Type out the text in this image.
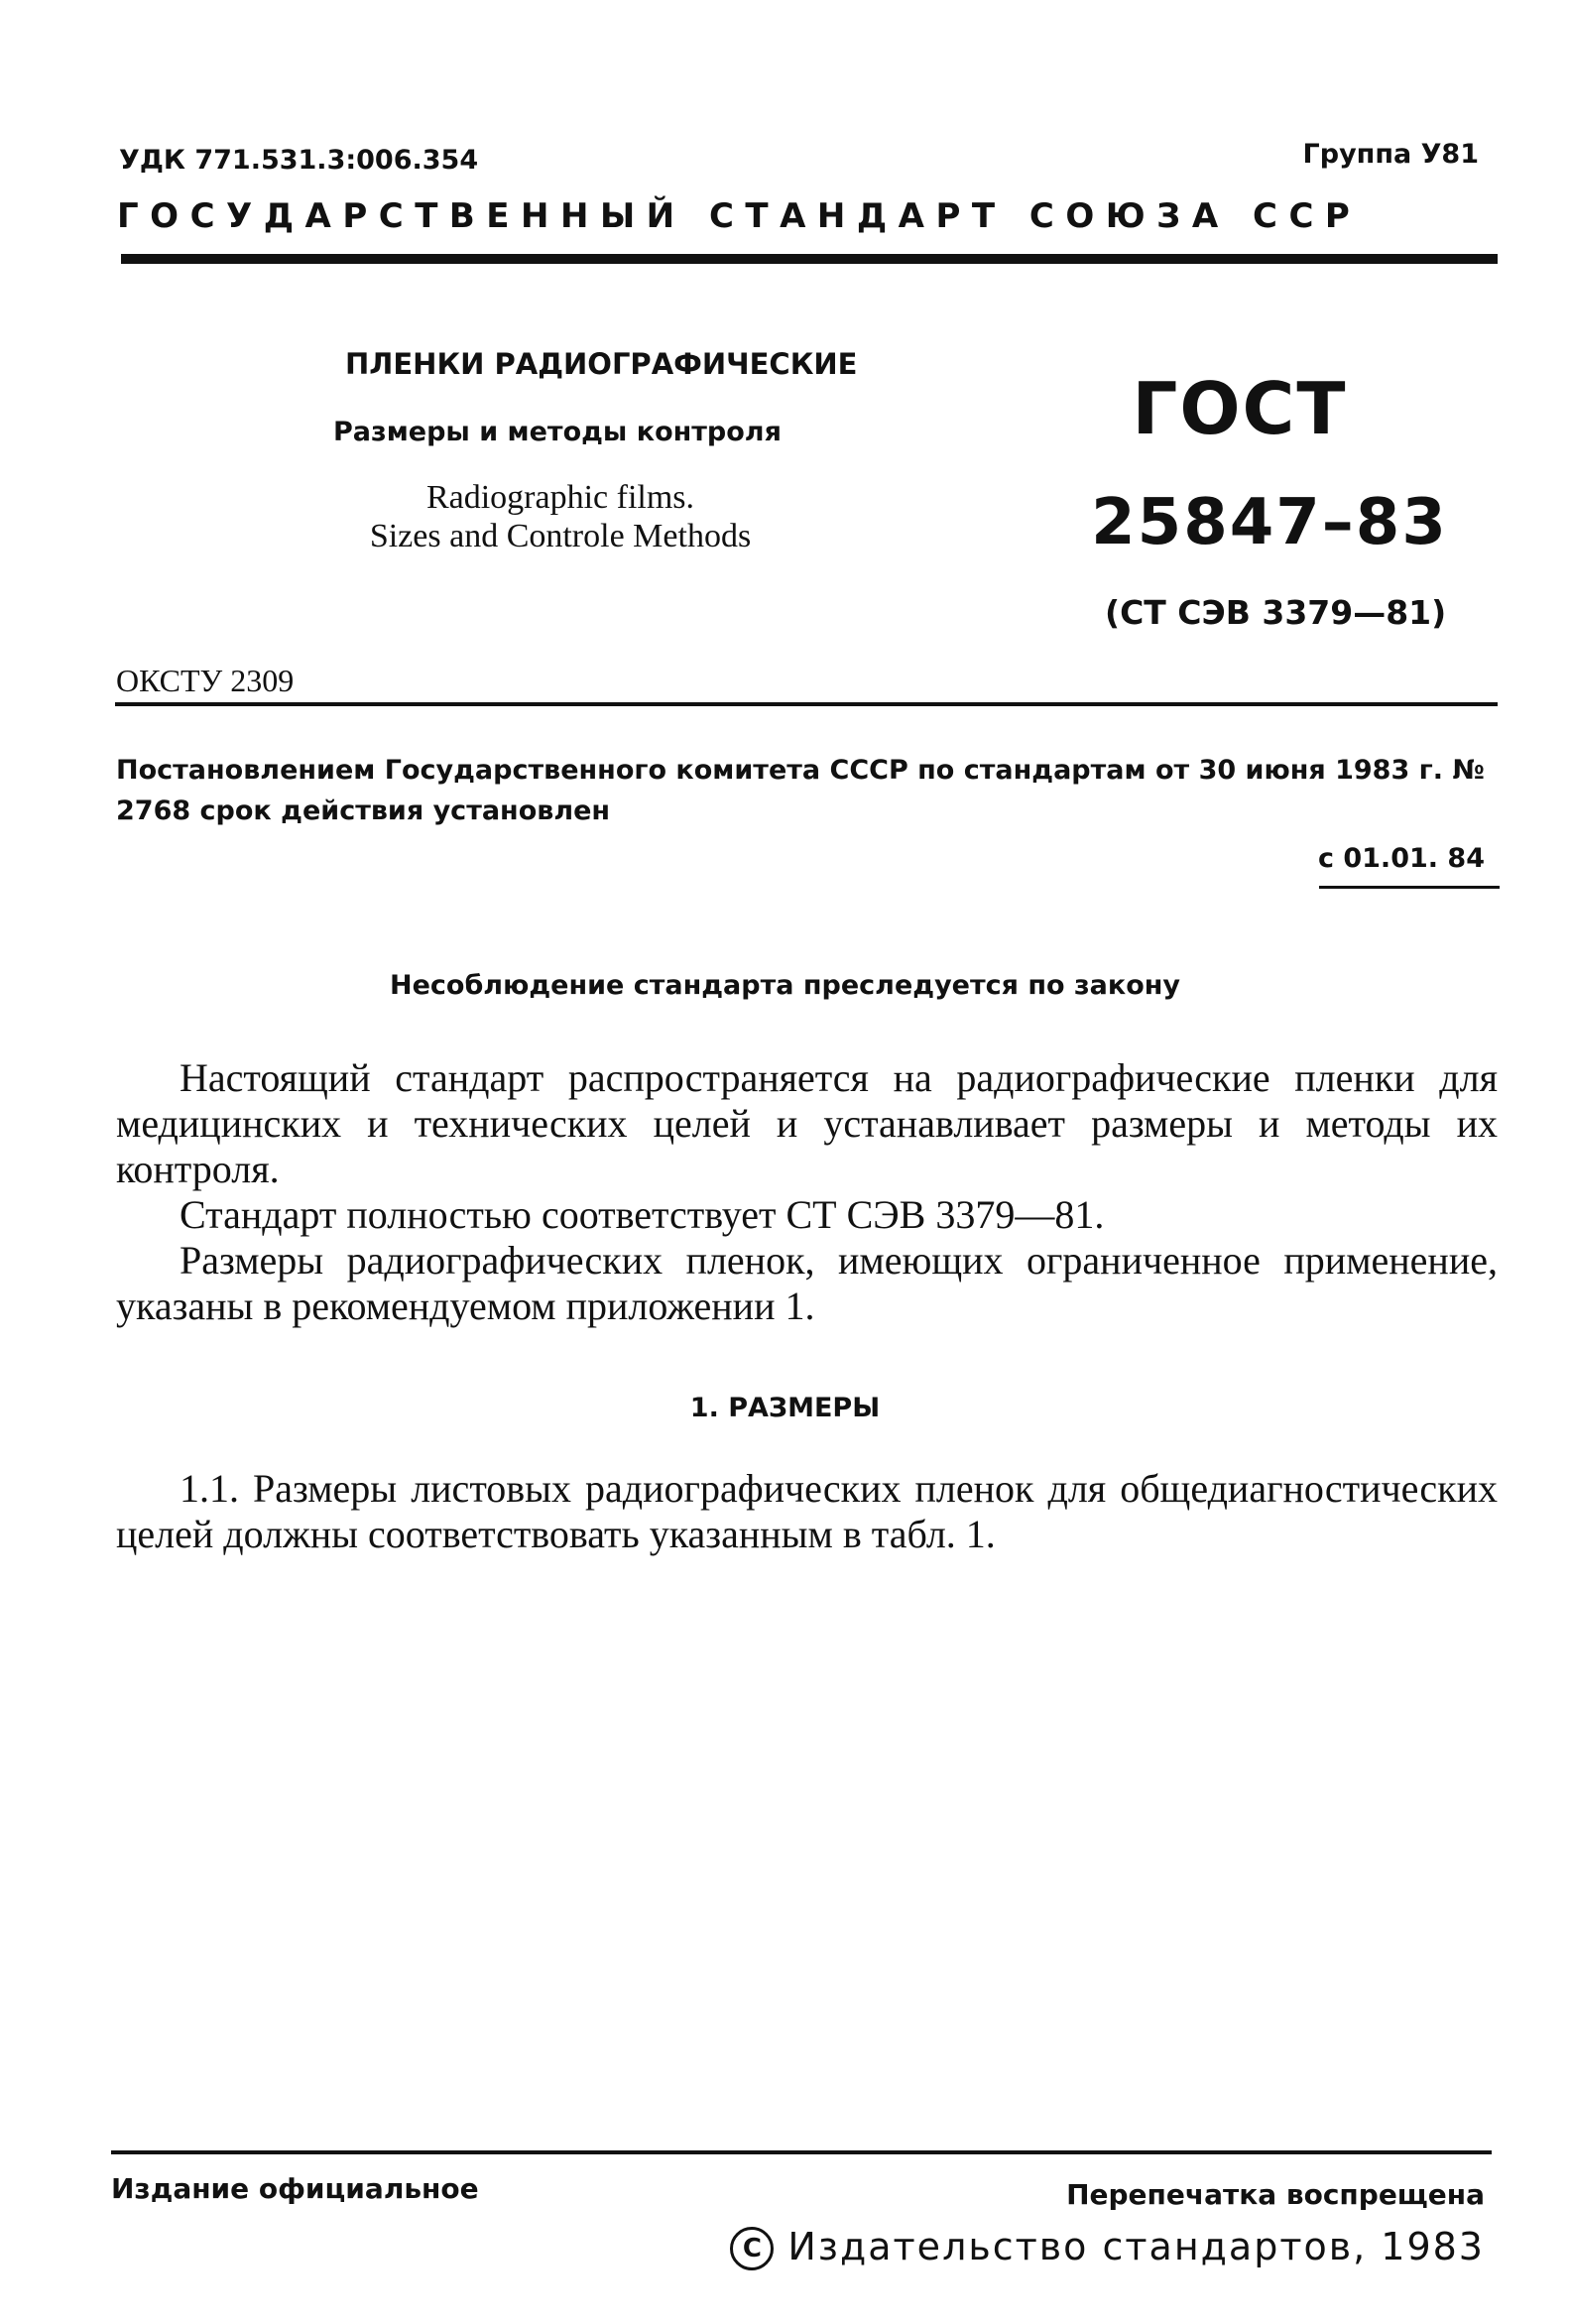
УДК 771.531.3:006.354	Группа У81
ГОСУДАРСТВЕННЫЙ СТАНДАРТ СОЮЗА ССР
ПЛЕНКИ РАДИОГРАФИЧЕСКИЕ
Размеры и методы контроля
Radiographic films.
Sizes and Controle Methods
ГОСТ
25847–83
(СТ СЭВ 3379—81)
ОКСТУ 2309
Постановлением Государственного комитета СССР по стандартам от 30 июня 1983 г. № 2768 срок действия установлен
с 01.01. 84
Несоблюдение стандарта преследуется по закону
Настоящий стандарт распространяется на радиографические пленки для медицинских и технических целей и устанавливает размеры и методы их контроля.
Стандарт полностью соответствует СТ СЭВ 3379—81.
Размеры радиографических пленок, имеющих ограниченное применение, указаны в рекомендуемом приложении 1.
1. РАЗМЕРЫ
1.1. Размеры листовых радиографических пленок для общедиагностических целей должны соответствовать указанным в табл. 1.
Издание официальное	Перепечатка воспрещена
C Издательство стандартов, 1983
